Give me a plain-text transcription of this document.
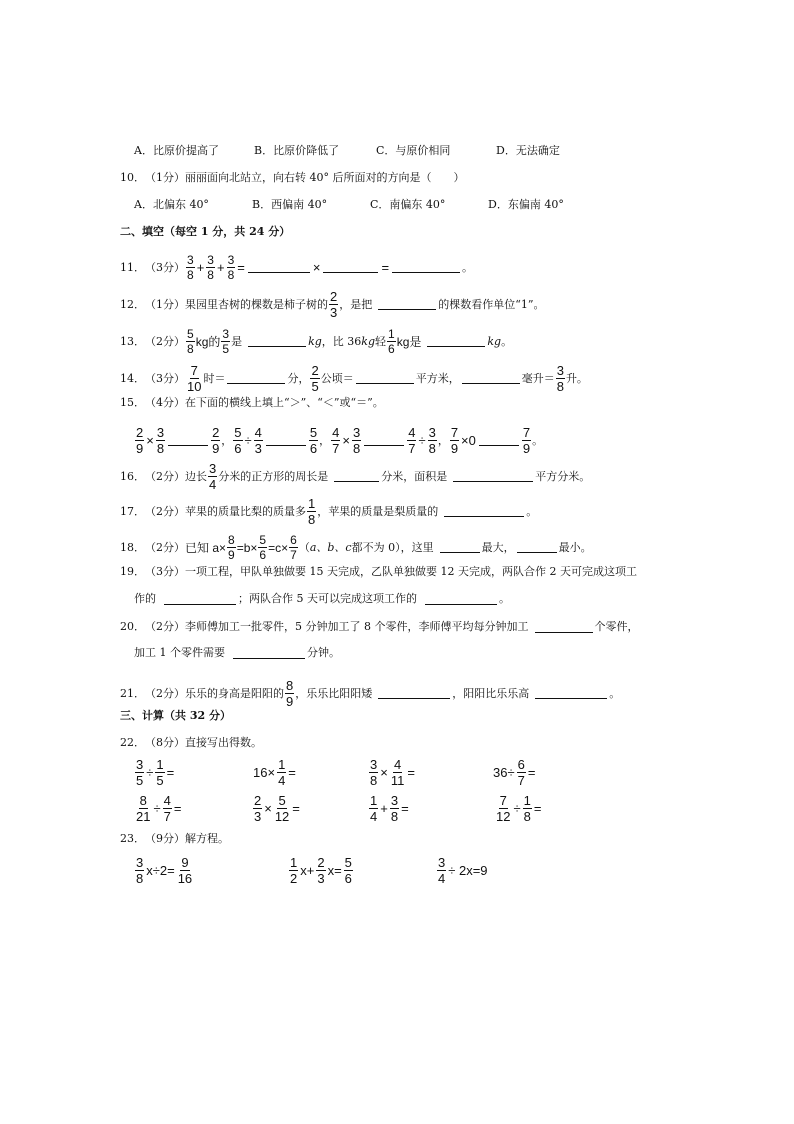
A．比原价提高了	B．比原价降低了	C．与原价相同	D．无法确定
10． （1分）丽丽面向北站立，向右转 40° 后所面对的方向是（　　）
A．北偏东 40°	B．西偏南 40°	C．南偏东 40°	D．东偏南 40°
二、填空（每空 1 分，共 24 分）
11． （3分） $\frac{3}{8} + \frac{3}{8} + \frac{3}{8}$ =	×	=	。
12． （1分） 果园里杏树的棵数是柿子树的 $\frac{2}{3}$ ，是把	的棵数看作单位“1”。
13． （2分） $\frac{5}{8}$ kg的 $\frac{3}{5}$ 是	kg ，比 36 kg 轻 $\frac{1}{6}$ kg是	kg 。
14． （3分） $\frac{7}{10}$ 时＝	分， $\frac{2}{5}$ 公顷＝	平方米，	毫升＝ $\frac{3}{8}$ 升。
15． （4分） 在下面的横线上填上“＞”、“＜”或“＝”。
$\frac{2}{9} \times \frac{3}{8}$	$\frac{2}{9}$ ， $\frac{5}{6} \div \frac{4}{3}$	$\frac{5}{6}$ ， $\frac{4}{7} \times \frac{3}{8}$	$\frac{4}{7} \div \frac{3}{8}$ ， $\frac{7}{9} \times 0$	$\frac{7}{9}$ 。
16． （2分） 边长 $\frac{3}{4}$ 分米的正方形的周长是	分米，面积是	平方分米。
17． （2分） 苹果的质量比梨的质量多 $\frac{1}{8}$ ，苹果的质量是梨质量的	。
18． （2分） 已知 $a\times \frac{8}{9} =b\times \frac{5}{6} =c\times \frac{6}{7}$ （ a、b、c 都不为 0），这里	最大，	最小。
19． （3分） 一项工程，甲队单独做要 15 天完成，乙队单独做要 12 天完成，两队合作 2 天可完成这项工
作的	；两队合作 5 天可以完成这项工作的	。
20． （2分） 李师傅加工一批零件，5 分钟加工了 8 个零件，李师傅平均每分钟加工	个零件，
加工 1 个零件需要	分钟。
21． （2分） 乐乐的身高是阳阳的 $\frac{8}{9}$ ，乐乐比阳阳矮	，阳阳比乐乐高	。
三、计算（共 32 分）
22． （8分） 直接写出得数。
$\frac{3}{5} \div \frac{1}{5}$ =	$16\times \frac{1}{4}$ =	$\frac{3}{8} \times \frac{4}{11}$ =	$36\div \frac{6}{7}$ =
$\frac{8}{21} \div \frac{4}{7}$ =	$\frac{2}{3} \times \frac{5}{12}$ =	$\frac{1}{4} + \frac{3}{8}$ =	$\frac{7}{12} \div \frac{1}{8}$ =
23． （9分） 解方程。
$\frac{3}{8} x\div 2= \frac{9}{16}$	$\frac{1}{2} x+ \frac{2}{3} x= \frac{5}{6}$	$\frac{3}{4} \div 2x=9$
